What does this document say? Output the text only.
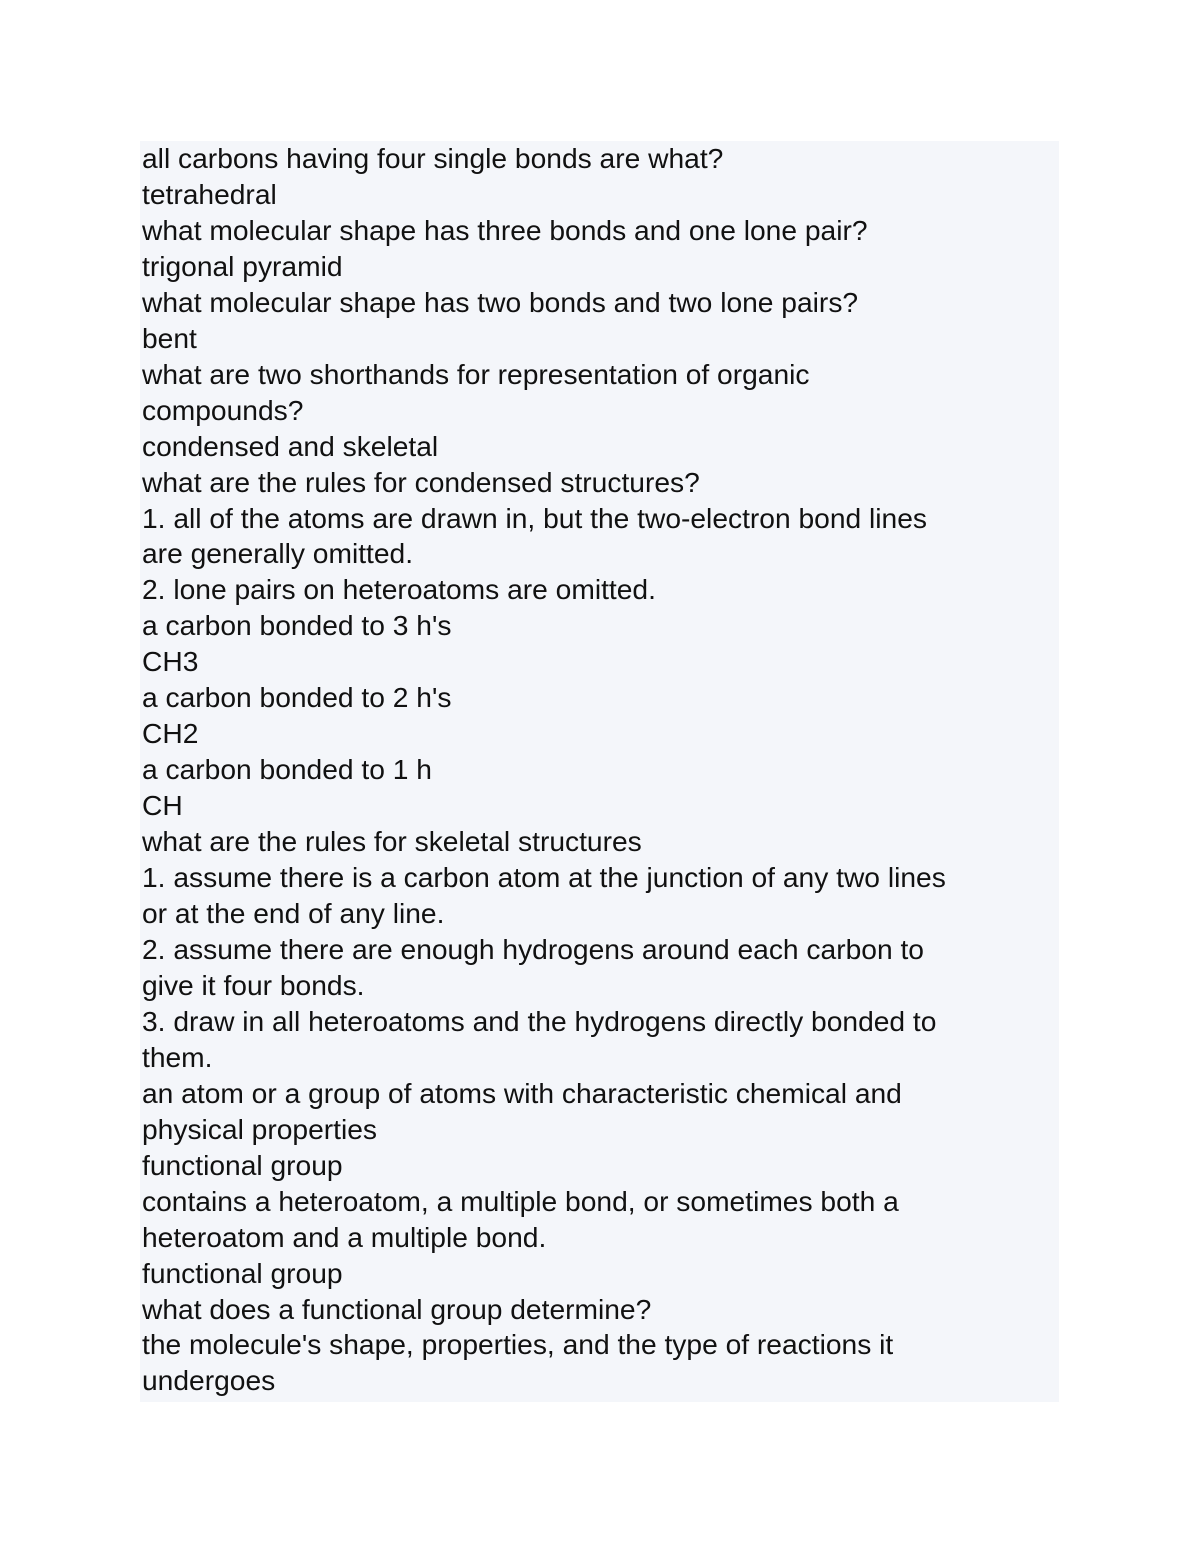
all carbons having four single bonds are what?
tetrahedral
what molecular shape has three bonds and one lone pair?
trigonal pyramid
what molecular shape has two bonds and two lone pairs?
bent
what are two shorthands for representation of organic
compounds?
condensed and skeletal
what are the rules for condensed structures?
1. all of the atoms are drawn in, but the two-electron bond lines
are generally omitted.
2. lone pairs on heteroatoms are omitted.
a carbon bonded to 3 h's
CH3
a carbon bonded to 2 h's
CH2
a carbon bonded to 1 h
CH
what are the rules for skeletal structures
1. assume there is a carbon atom at the junction of any two lines
or at the end of any line.
2. assume there are enough hydrogens around each carbon to
give it four bonds.
3. draw in all heteroatoms and the hydrogens directly bonded to
them.
an atom or a group of atoms with characteristic chemical and
physical properties
functional group
contains a heteroatom, a multiple bond, or sometimes both a
heteroatom and a multiple bond.
functional group
what does a functional group determine?
the molecule's shape, properties, and the type of reactions it
undergoes
